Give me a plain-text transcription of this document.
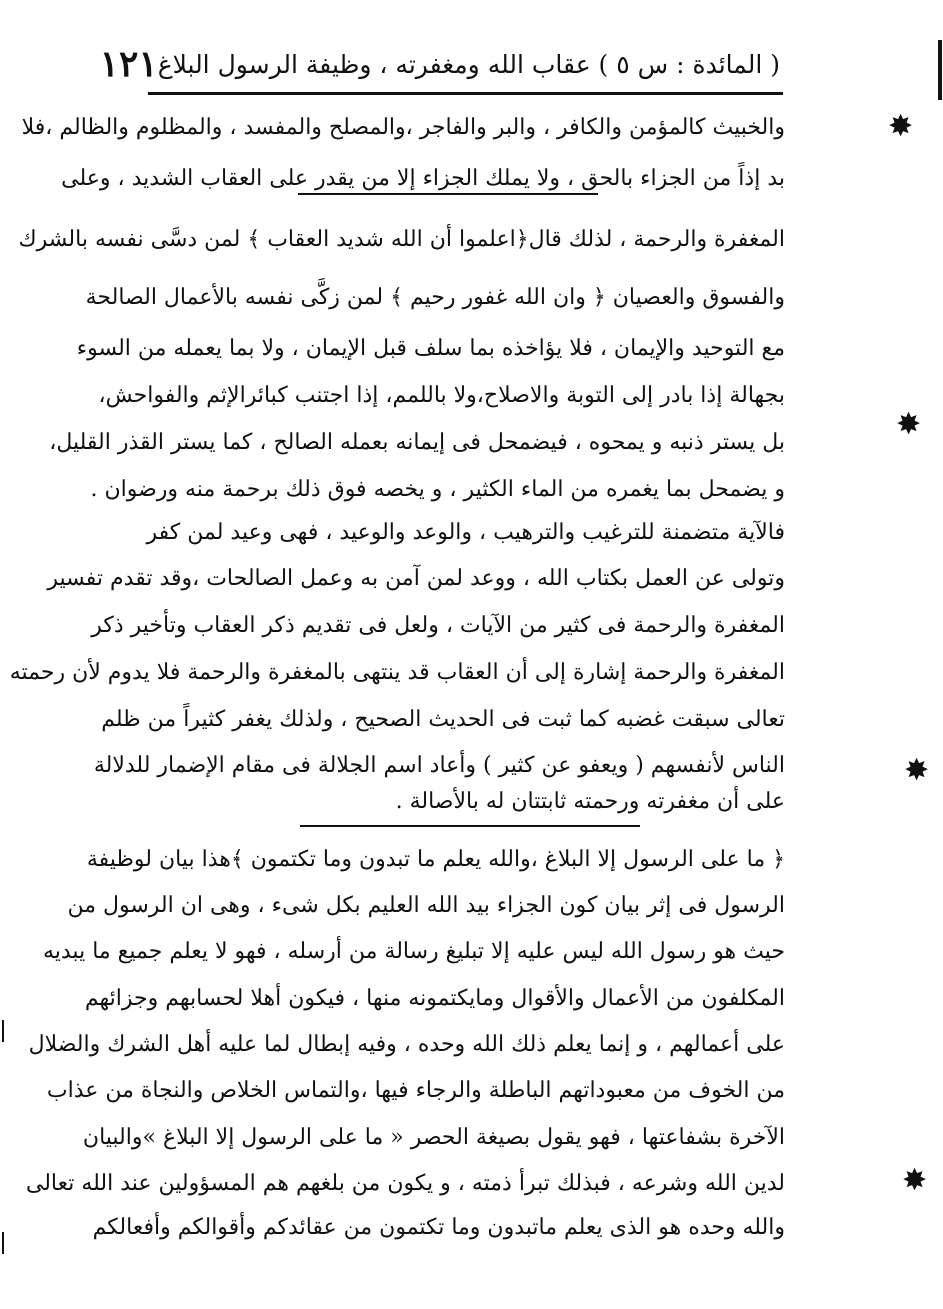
( المائدة : س ٥ ) عقاب الله ومغفرته ، وظيفة الرسول البلاغ
١٢١
والخبيث كالمؤمن والكافر ، والبر والفاجر ،والمصلح والمفسد ، والمظلوم والظالم ،فلا
بد إذاً من الجزاء بالحق ، ولا يملك الجزاء إلا من يقدر على العقاب الشديد ، وعلى
المغفرة والرحمة ، لذلك قال﴿اعلموا أن الله شديد العقاب ﴾ لمن دسَّى نفسه بالشرك
والفسوق والعصيان ﴿ وان الله غفور رحيم ﴾ لمن زكَّى نفسه بالأعمال الصالحة
مع التوحيد والإيمان ، فلا يؤاخذه بما سلف قبل الإيمان ، ولا بما يعمله من السوء
بجهالة إذا بادر إلى التوبة والاصلاح،ولا باللمم، إذا اجتنب كبائرالإثم والفواحش،
بل يستر ذنبه و يمحوه ، فيضمحل فى إيمانه بعمله الصالح ، كما يستر القذر القليل،
و يضمحل بما يغمره من الماء الكثير ، و يخصه فوق ذلك برحمة منه ورضوان .
فالآية متضمنة للترغيب والترهيب ، والوعد والوعيد ، فهى وعيد لمن كفر
وتولى عن العمل بكتاب الله ، ووعد لمن آمن به وعمل الصالحات ،وقد تقدم تفسير
المغفرة والرحمة فى كثير من الآيات ، ولعل فى تقديم ذكر العقاب وتأخير ذكر
المغفرة والرحمة إشارة إلى أن العقاب قد ينتهى بالمغفرة والرحمة فلا يدوم لأن رحمته
تعالى سبقت غضبه كما ثبت فى الحديث الصحيح ، ولذلك يغفر كثيراً من ظلم
الناس لأنفسهم ( ويعفو عن كثير ) وأعاد اسم الجلالة فى مقام الإضمار للدلالة
على أن مغفرته ورحمته ثابتتان له بالأصالة .
﴿ ما على الرسول إلا البلاغ ،والله يعلم ما تبدون وما تكتمون ﴾هذا بيان لوظيفة
الرسول فى إثر بيان كون الجزاء بيد الله العليم بكل شىء ، وهى ان الرسول من
حيث هو رسول الله ليس عليه إلا تبليغ رسالة من أرسله ، فهو لا يعلم جميع ما يبديه
المكلفون من الأعمال والأقوال ومايكتمونه منها ، فيكون أهلا لحسابهم وجزائهم
على أعمالهم ، و إنما يعلم ذلك الله وحده ، وفيه إبطال لما عليه أهل الشرك والضلال
من الخوف من معبوداتهم الباطلة والرجاء فيها ،والتماس الخلاص والنجاة من عذاب
الآخرة بشفاعتها ، فهو يقول بصيغة الحصر « ما على الرسول إلا البلاغ »والبيان
لدين الله وشرعه ، فبذلك تبرأ ذمته ، و يكون من بلغهم هم المسؤولين عند الله تعالى
والله وحده هو الذى يعلم ماتبدون وما تكتمون من عقائدكم وأقوالكم وأفعالكم
✸
✸
✸
✸
